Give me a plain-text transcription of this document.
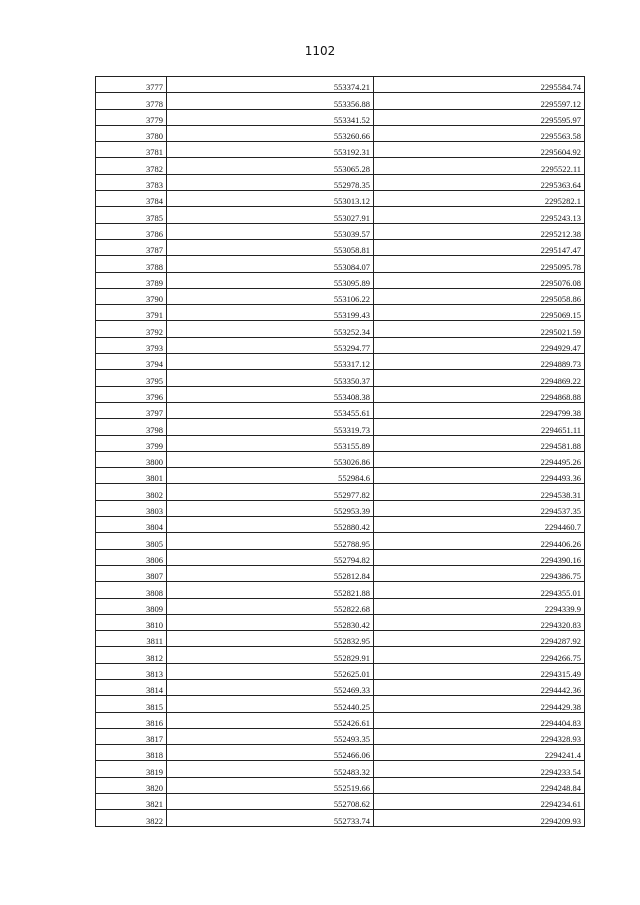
1102
3777	553374.21	2295584.74
3778	553356.88	2295597.12
3779	553341.52	2295595.97
3780	553260.66	2295563.58
3781	553192.31	2295604.92
3782	553065.28	2295522.11
3783	552978.35	2295363.64
3784	553013.12	2295282.1
3785	553027.91	2295243.13
3786	553039.57	2295212.38
3787	553058.81	2295147.47
3788	553084.07	2295095.78
3789	553095.89	2295076.08
3790	553106.22	2295058.86
3791	553199.43	2295069.15
3792	553252.34	2295021.59
3793	553294.77	2294929.47
3794	553317.12	2294889.73
3795	553350.37	2294869.22
3796	553408.38	2294868.88
3797	553455.61	2294799.38
3798	553319.73	2294651.11
3799	553155.89	2294581.88
3800	553026.86	2294495.26
3801	552984.6	2294493.36
3802	552977.82	2294538.31
3803	552953.39	2294537.35
3804	552880.42	2294460.7
3805	552788.95	2294406.26
3806	552794.82	2294390.16
3807	552812.84	2294386.75
3808	552821.88	2294355.01
3809	552822.68	2294339.9
3810	552830.42	2294320.83
3811	552832.95	2294287.92
3812	552829.91	2294266.75
3813	552625.01	2294315.49
3814	552469.33	2294442.36
3815	552440.25	2294429.38
3816	552426.61	2294404.83
3817	552493.35	2294328.93
3818	552466.06	2294241.4
3819	552483.32	2294233.54
3820	552519.66	2294248.84
3821	552708.62	2294234.61
3822	552733.74	2294209.93
